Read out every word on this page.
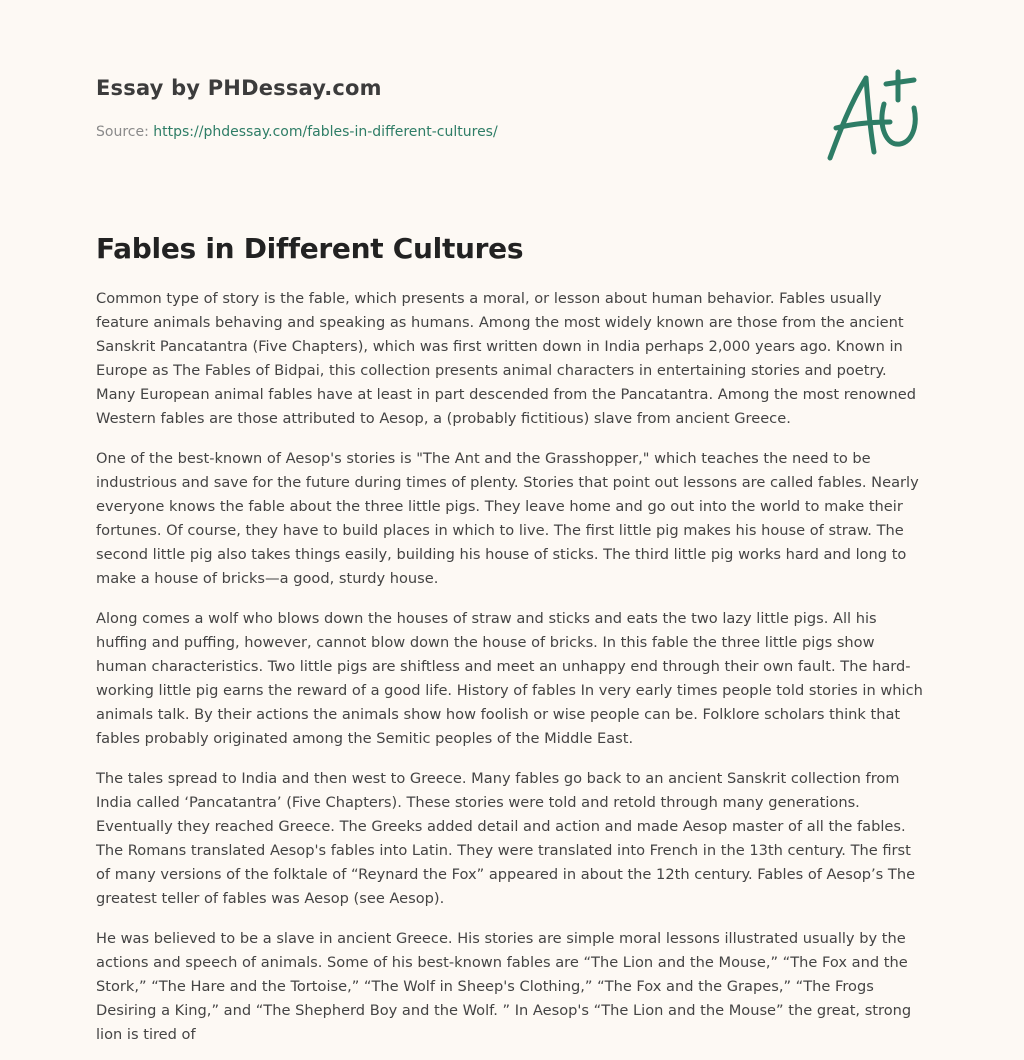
Essay by PHDessay.com
Source: https://phdessay.com/fables-in-different-cultures/
Fables in Different Cultures

Common type of story is the fable, which presents a moral, or lesson about human behavior. Fables usually feature animals behaving and speaking as humans. Among the most widely known are those from the ancient Sanskrit Pancatantra (Five Chapters), which was first written down in India perhaps 2,000 years ago. Known in Europe as The Fables of Bidpai, this collection presents animal characters in entertaining stories and poetry. Many European animal fables have at least in part descended from the Pancatantra. Among the most renowned Western fables are those attributed to Aesop, a (probably fictitious) slave from ancient Greece.

One of the best-known of Aesop's stories is "The Ant and the Grasshopper," which teaches the need to be industrious and save for the future during times of plenty. Stories that point out lessons are called fables. Nearly everyone knows the fable about the three little pigs. They leave home and go out into the world to make their fortunes. Of course, they have to build places in which to live. The first little pig makes his house of straw. The second little pig also takes things easily, building his house of sticks. The third little pig works hard and long to make a house of bricks—a good, sturdy house.

Along comes a wolf who blows down the houses of straw and sticks and eats the two lazy little pigs. All his huffing and puffing, however, cannot blow down the house of bricks. In this fable the three little pigs show human characteristics. Two little pigs are shiftless and meet an unhappy end through their own fault. The hard-working little pig earns the reward of a good life. History of fables In very early times people told stories in which animals talk. By their actions the animals show how foolish or wise people can be. Folklore scholars think that fables probably originated among the Semitic peoples of the Middle East.

The tales spread to India and then west to Greece. Many fables go back to an ancient Sanskrit collection from India called ‘Pancatantra’ (Five Chapters). These stories were told and retold through many generations. Eventually they reached Greece. The Greeks added detail and action and made Aesop master of all the fables. The Romans translated Aesop's fables into Latin. They were translated into French in the 13th century. The first of many versions of the folktale of “Reynard the Fox” appeared in about the 12th century. Fables of Aesop’s The greatest teller of fables was Aesop (see Aesop).

He was believed to be a slave in ancient Greece. His stories are simple moral lessons illustrated usually by the actions and speech of animals. Some of his best-known fables are “The Lion and the Mouse,” “The Fox and the Stork,” “The Hare and the Tortoise,” “The Wolf in Sheep's Clothing,” “The Fox and the Grapes,” “The Frogs Desiring a King,” and “The Shepherd Boy and the Wolf. ” In Aesop's “The Lion and the Mouse” the great, strong lion is tired of
